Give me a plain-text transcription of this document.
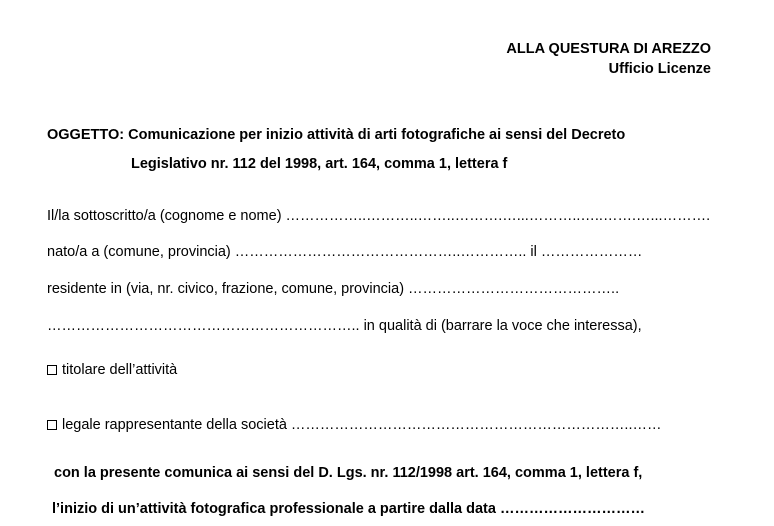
ALLA QUESTURA DI AREZZO
Ufficio Licenze
OGGETTO: Comunicazione per inizio attività di arti fotografiche ai sensi del Decreto
Legislativo nr. 112 del 1998, art. 164, comma 1, lettera f
Il/la sottoscritto/a (cognome e nome) ……………..………..……..……….…...………..…..…….…...……….
nato/a a (comune, provincia) ………………………………………..………….. il …………………
residente in (via, nr. civico, frazione, comune, provincia) ……………………………………..
……………………………………………………….. in qualità di (barrare la voce che interessa),
titolare dell’attività
legale rappresentante della società ……………………………………………………………..……
con la presente comunica ai sensi del D. Lgs. nr. 112/1998 art. 164, comma 1, lettera f,
l’inizio di un’attività fotografica professionale a partire dalla data …………………………
